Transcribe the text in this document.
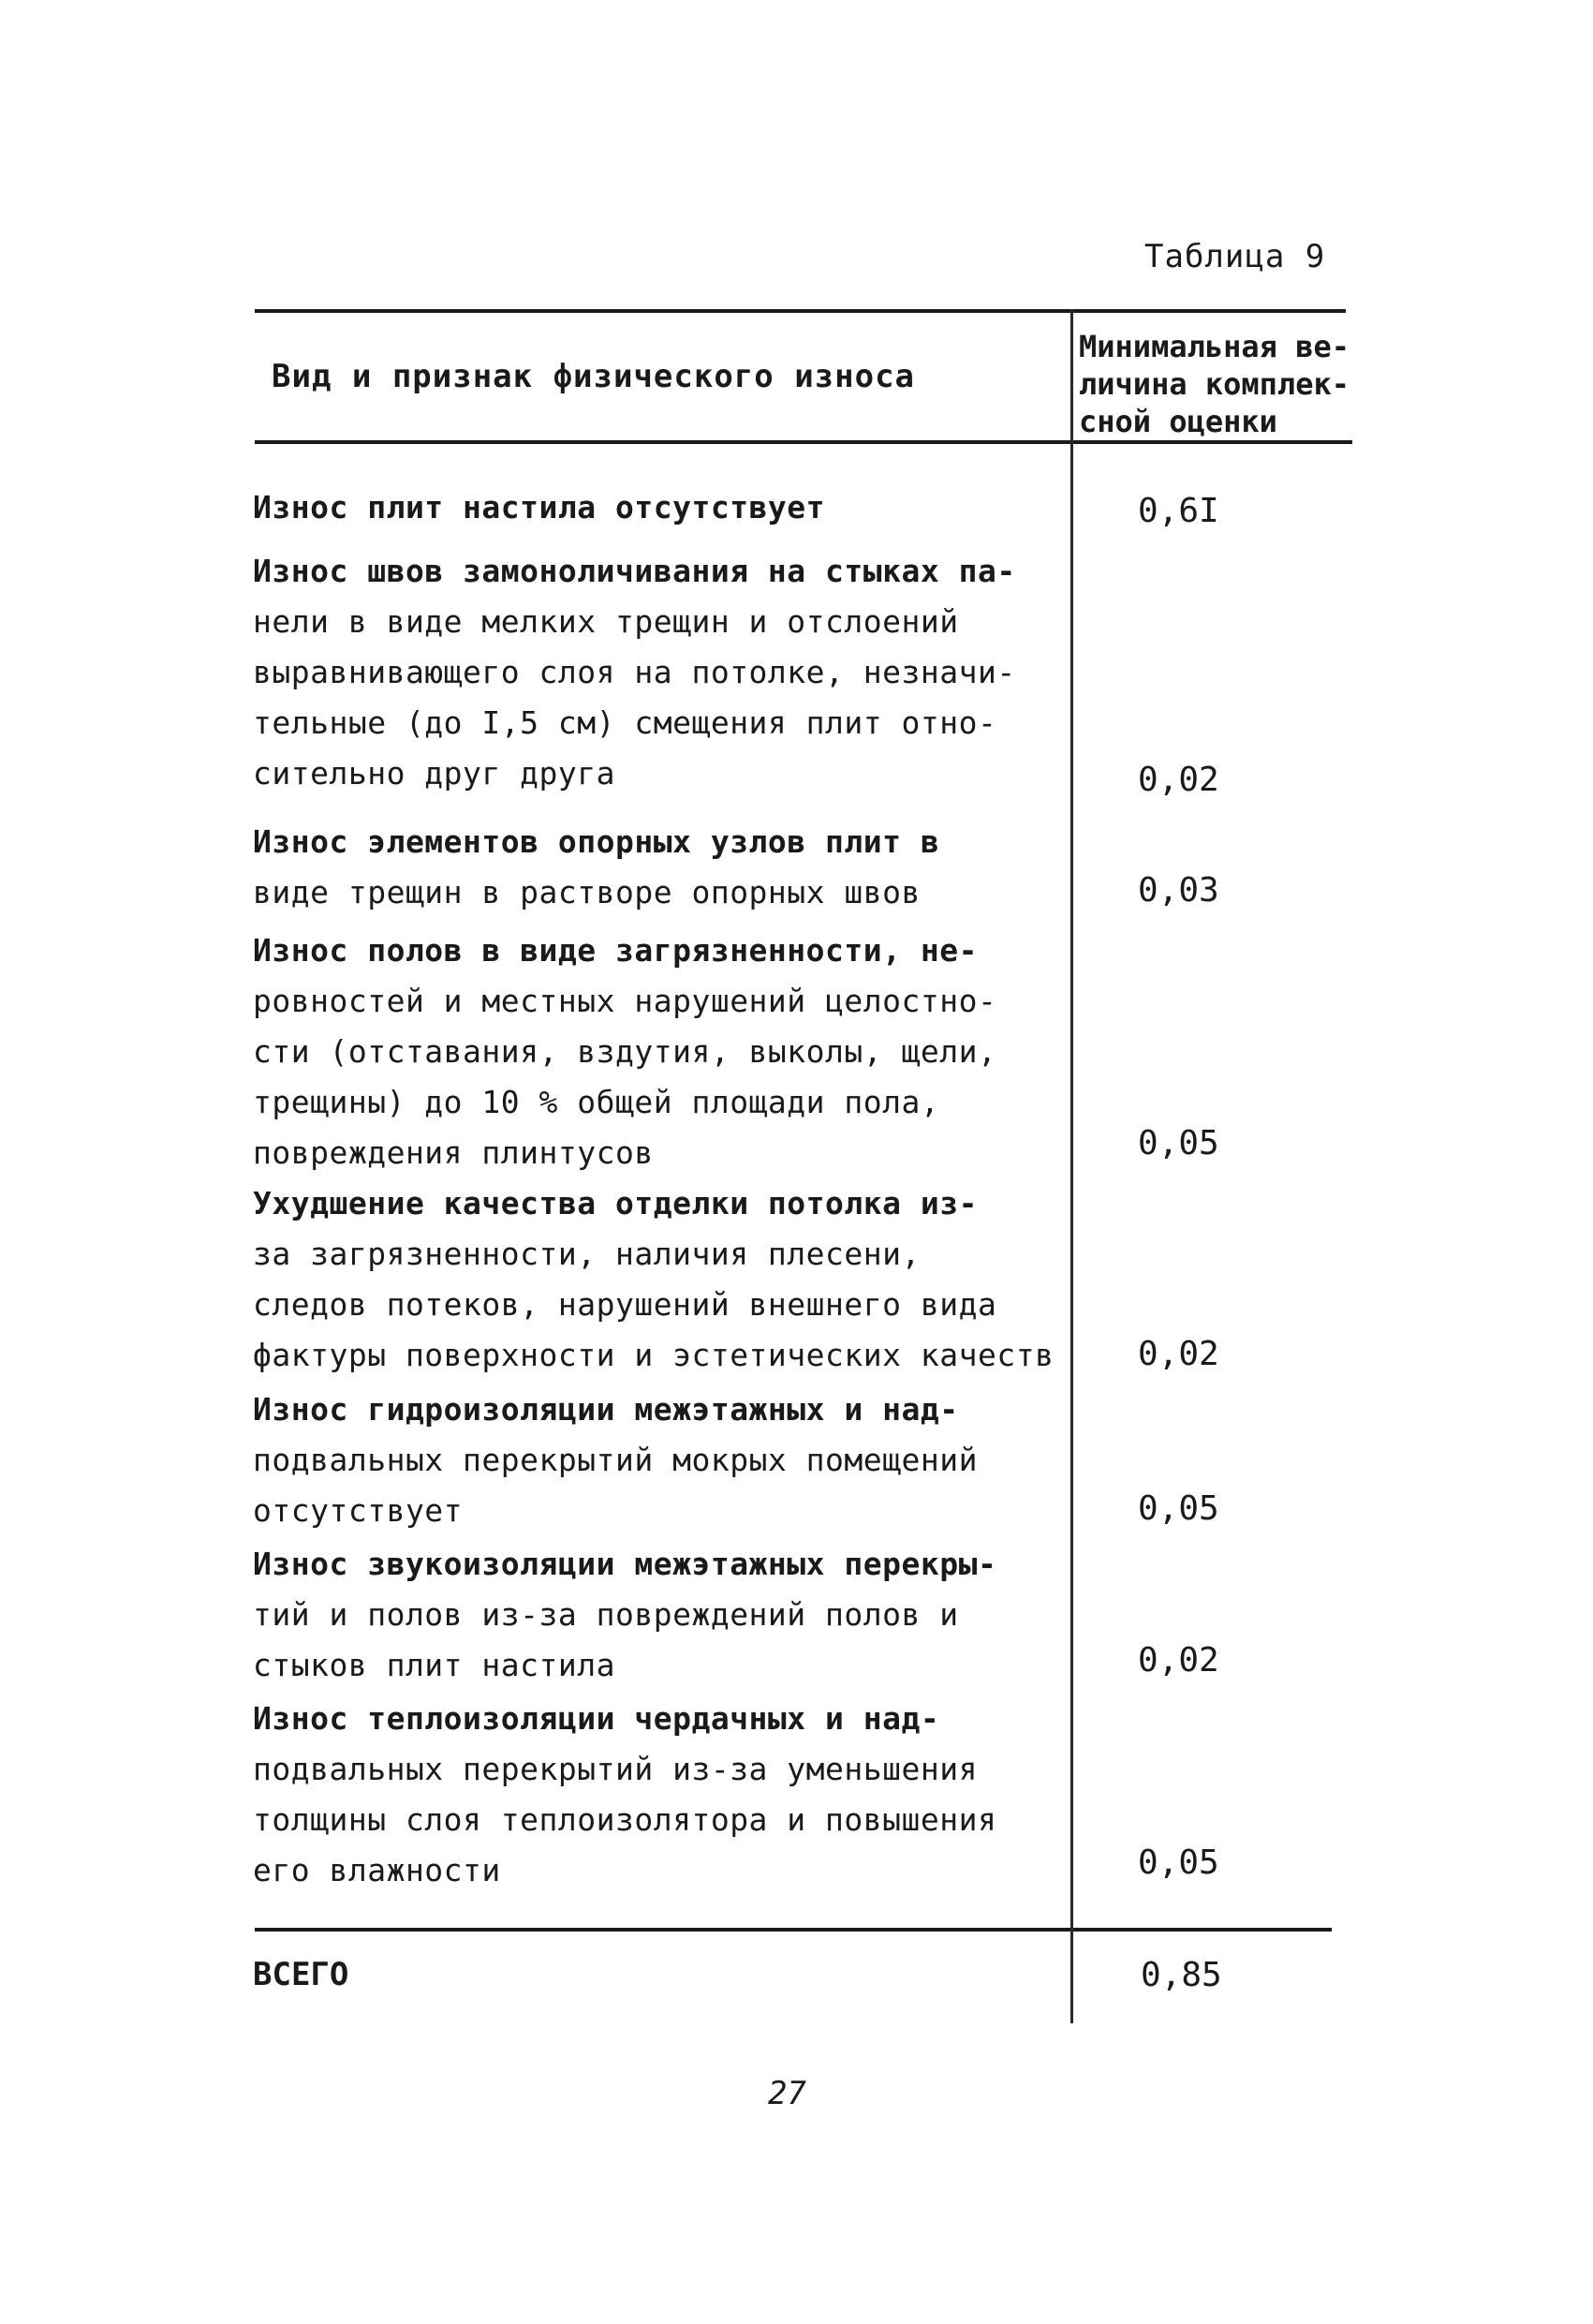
Таблица 9
Вид и признак физического износа
Минимальная ве-
личина комплек-
сной оценки
Износ плит настила отсутствует	0,6I
Износ швов замоноличивания на стыках па-
нели в виде мелких трещин и отслоений
выравнивающего слоя на потолке, незначи-
тельные (до I,5 см) смещения плит отно-
сительно друг друга	0,02
Износ элементов опорных узлов плит в
виде трещин в растворе опорных швов	0,03
Износ полов в виде загрязненности, не-
ровностей и местных нарушений целостно-
сти (отставания, вздутия, выколы, щели,
трещины) до 10 % общей площади пола,
повреждения плинтусов	0,05
Ухудшение качества отделки потолка из-
за загрязненности, наличия плесени,
следов потеков, нарушений внешнего вида
фактуры поверхности и эстетических качеств	0,02
Износ гидроизоляции межэтажных и над-
подвальных перекрытий мокрых помещений
отсутствует	0,05
Износ звукоизоляции межэтажных перекры-
тий и полов из-за повреждений полов и
стыков плит настила	0,02
Износ теплоизоляции чердачных и над-
подвальных перекрытий из-за уменьшения
толщины слоя теплоизолятора и повышения
его влажности	0,05
ВСЕГО	0,85
27
